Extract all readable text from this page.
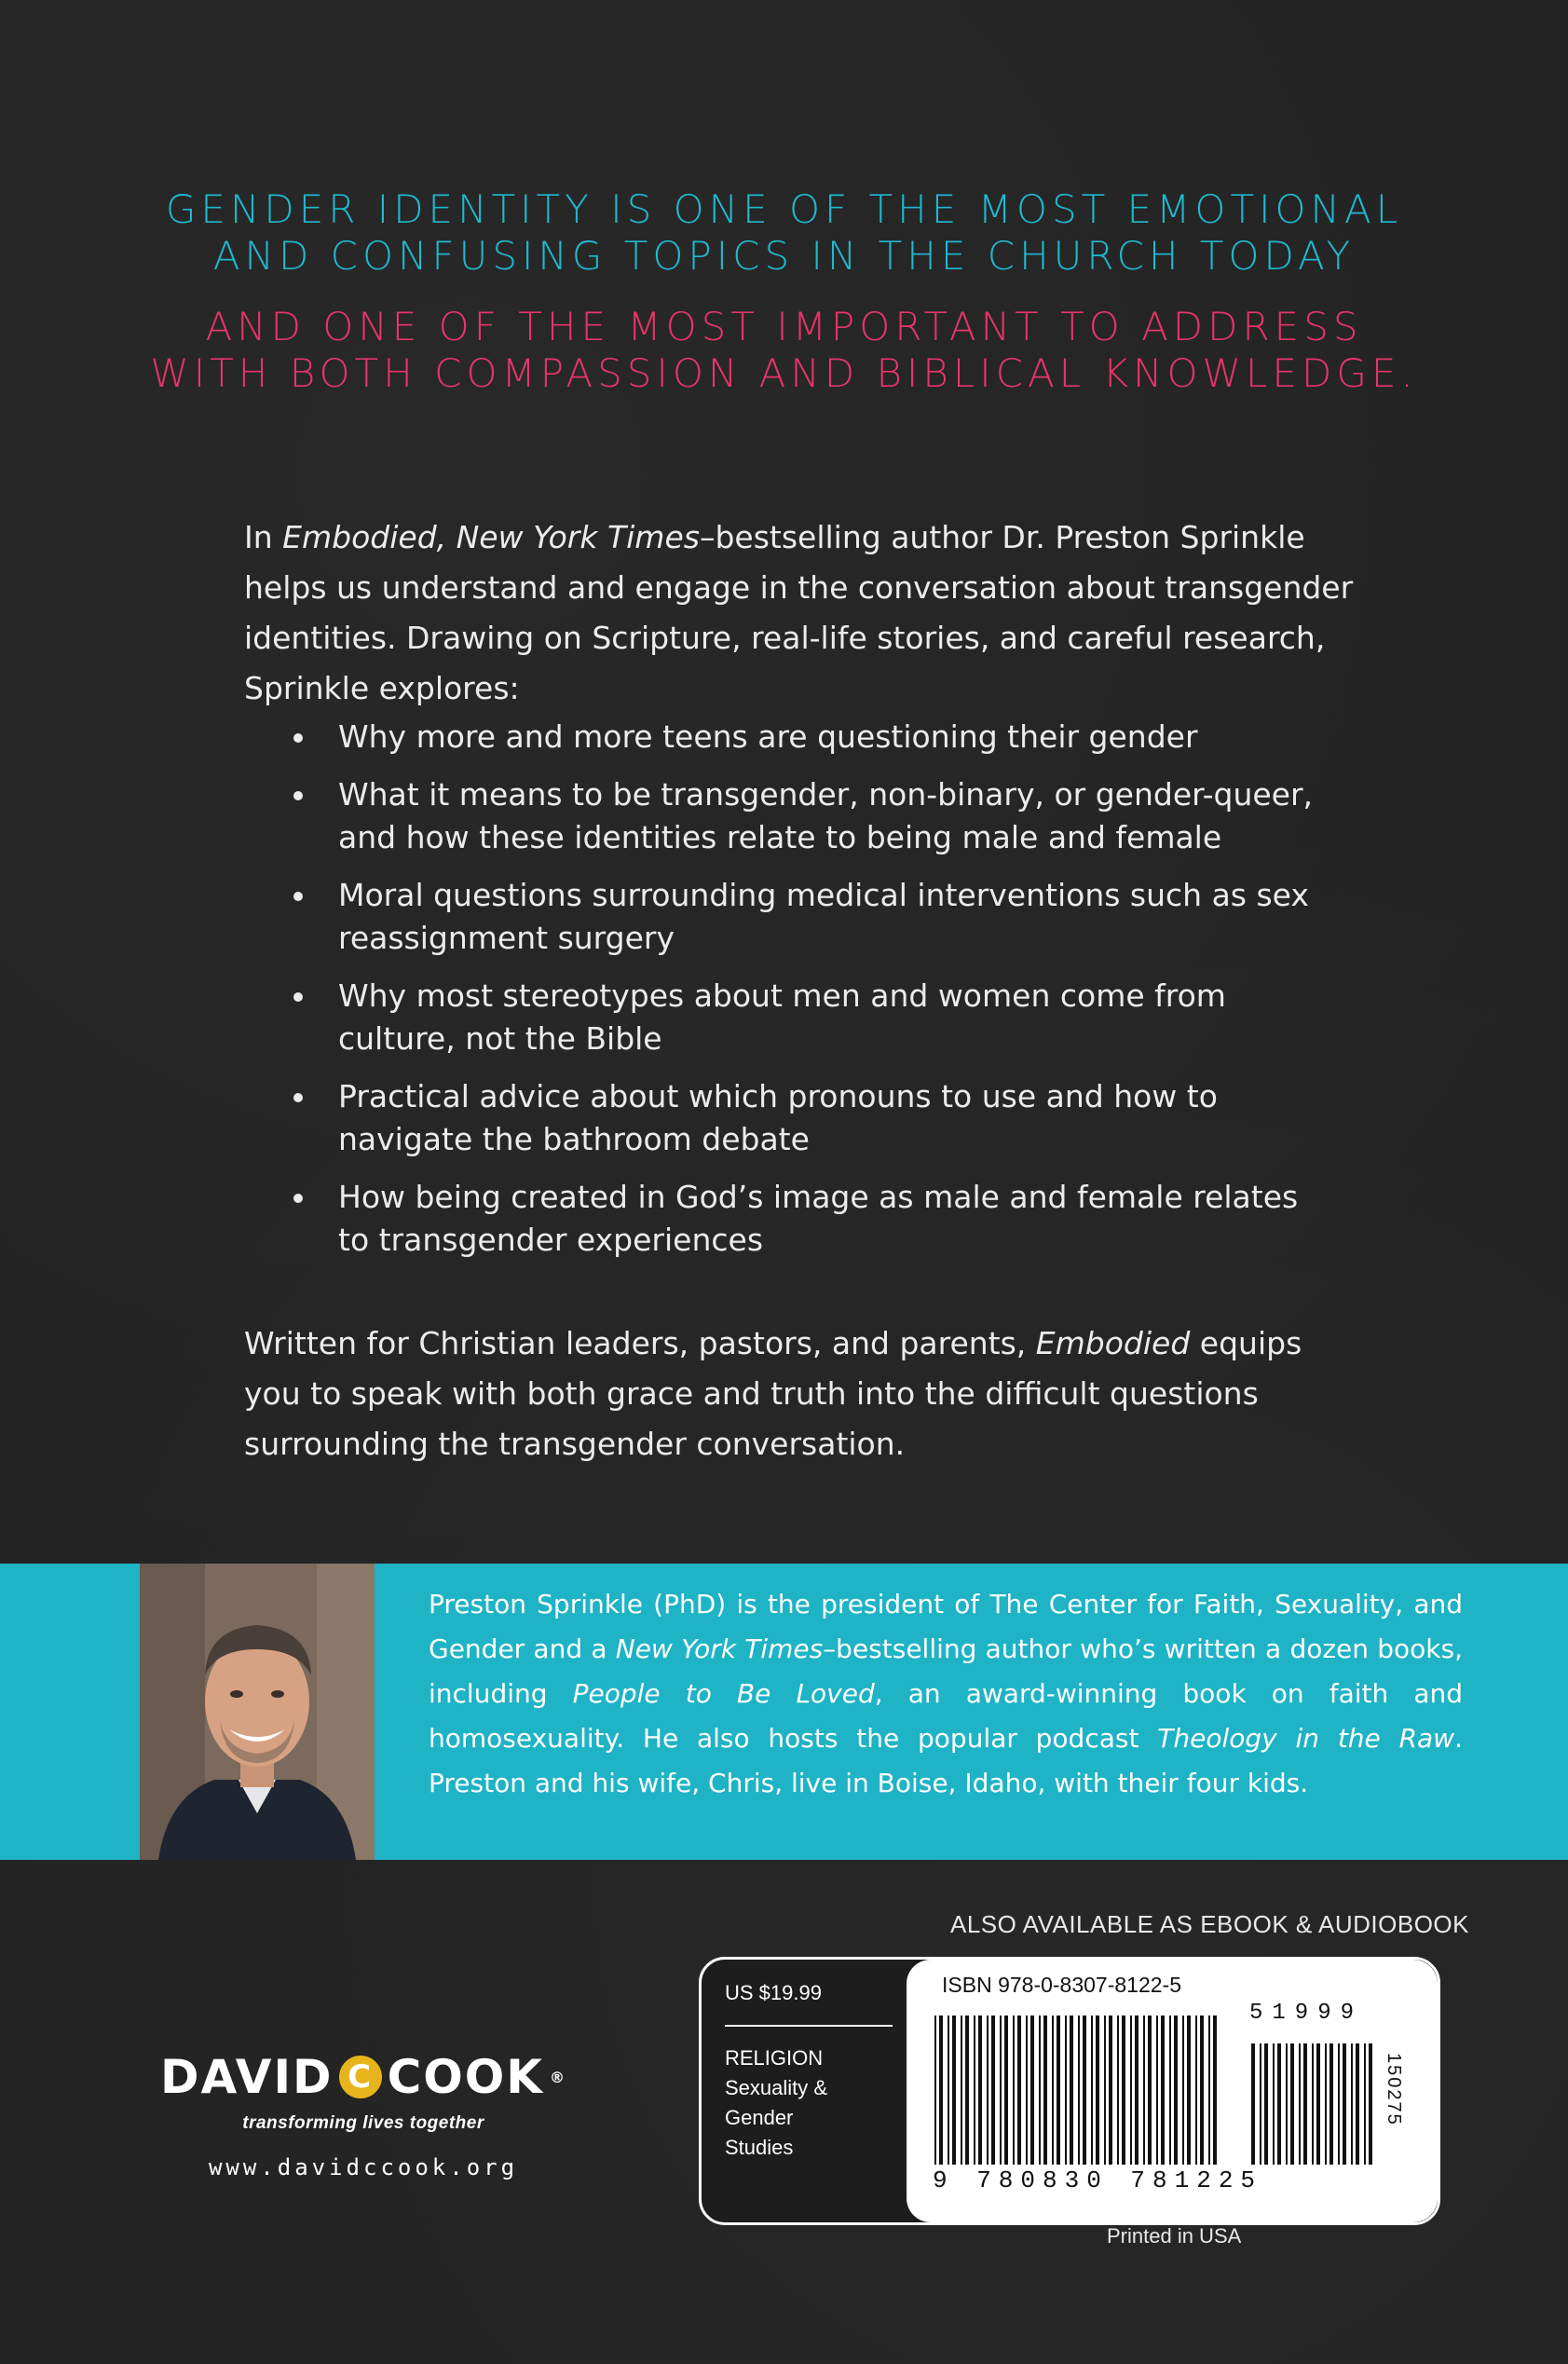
GENDER IDENTITY IS ONE OF THE MOST EMOTIONAL
AND CONFUSING TOPICS IN THE CHURCH TODAY
AND ONE OF THE MOST IMPORTANT TO ADDRESS
WITH BOTH COMPASSION AND BIBLICAL KNOWLEDGE.
In Embodied, New York Times–bestselling author Dr. Preston Sprinkle helps us understand and engage in the conversation about transgender identities. Drawing on Scripture, real-life stories, and careful research, Sprinkle explores:
Why more and more teens are questioning their gender
What it means to be transgender, non-binary, or gender-queer, and how these identities relate to being male and female
Moral questions surrounding medical interventions such as sex reassignment surgery
Why most stereotypes about men and women come from culture, not the Bible
Practical advice about which pronouns to use and how to navigate the bathroom debate
How being created in God’s image as male and female relates to transgender experiences
Written for Christian leaders, pastors, and parents, Embodied equips you to speak with both grace and truth into the difficult questions surrounding the transgender conversation.
Preston Sprinkle (PhD) is the president of The Center for Faith, Sexuality, and Gender and a New York Times–bestselling author who’s written a dozen books, including People to Be Loved, an award-winning book on faith and homosexuality. He also hosts the popular podcast Theology in the Raw. Preston and his wife, Chris, live in Boise, Idaho, with their four kids.
ALSO AVAILABLE AS EBOOK & AUDIOBOOK
DAVID C COOK ®
transforming lives together
www.davidccook.org
US $19.99
RELIGION
Sexuality & Gender
Studies
ISBN 978-0-8307-8122-5
9 780830 781225
51999
150275
Printed in USA
